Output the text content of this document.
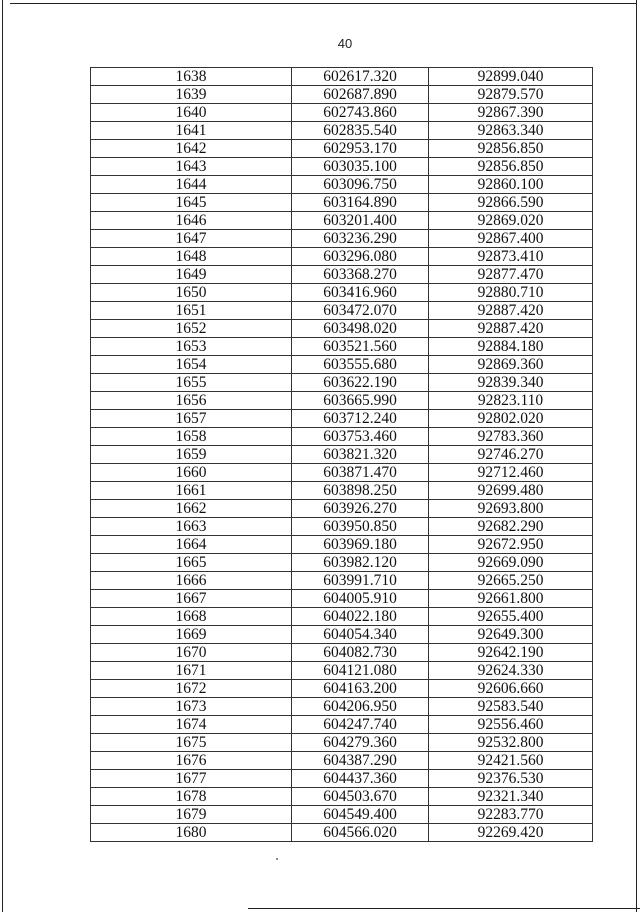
40
1638	602617.320	92899.040
1639	602687.890	92879.570
1640	602743.860	92867.390
1641	602835.540	92863.340
1642	602953.170	92856.850
1643	603035.100	92856.850
1644	603096.750	92860.100
1645	603164.890	92866.590
1646	603201.400	92869.020
1647	603236.290	92867.400
1648	603296.080	92873.410
1649	603368.270	92877.470
1650	603416.960	92880.710
1651	603472.070	92887.420
1652	603498.020	92887.420
1653	603521.560	92884.180
1654	603555.680	92869.360
1655	603622.190	92839.340
1656	603665.990	92823.110
1657	603712.240	92802.020
1658	603753.460	92783.360
1659	603821.320	92746.270
1660	603871.470	92712.460
1661	603898.250	92699.480
1662	603926.270	92693.800
1663	603950.850	92682.290
1664	603969.180	92672.950
1665	603982.120	92669.090
1666	603991.710	92665.250
1667	604005.910	92661.800
1668	604022.180	92655.400
1669	604054.340	92649.300
1670	604082.730	92642.190
1671	604121.080	92624.330
1672	604163.200	92606.660
1673	604206.950	92583.540
1674	604247.740	92556.460
1675	604279.360	92532.800
1676	604387.290	92421.560
1677	604437.360	92376.530
1678	604503.670	92321.340
1679	604549.400	92283.770
1680	604566.020	92269.420
